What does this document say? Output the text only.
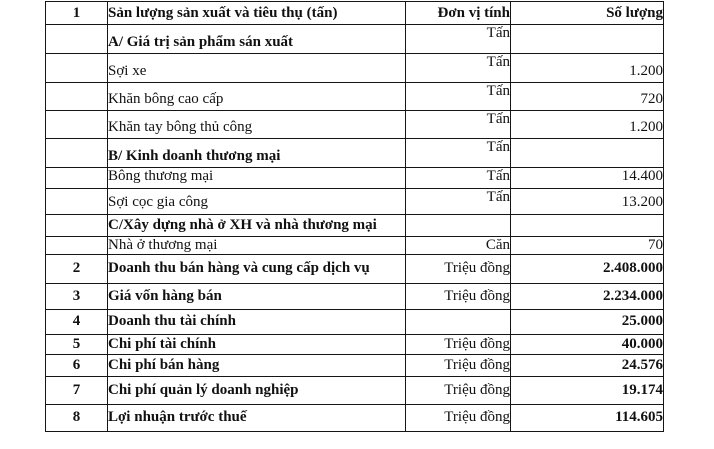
1	Sản lượng sản xuất và tiêu thụ (tấn)	Đơn vị tính	Số lượng
	A/ Giá trị sản phẩm sán xuất	Tấn	
	Sợi xe	Tấn	1.200
	Khăn bông cao cấp	Tấn	720
	Khăn tay bông thủ công	Tấn	1.200
	B/ Kinh doanh thương mại	Tấn	
	Bông thương mại	Tấn	14.400
	Sợi cọc gia công	Tấn	13.200
	C/Xây dựng nhà ở XH và nhà thương mại		
	Nhà ở thương mại	Căn	70
2	Doanh thu bán hàng và cung cấp dịch vụ	Triệu đồng	2.408.000
3	Giá vốn hàng bán	Triệu đồng	2.234.000
4	Doanh thu tài chính		25.000
5	Chi phí tài chính	Triệu đồng	40.000
6	Chi phí bán hàng	Triệu đồng	24.576
7	Chi phí quản lý doanh nghiệp	Triệu đồng	19.174
8	Lợi nhuận trước thuế	Triệu đồng	114.605
